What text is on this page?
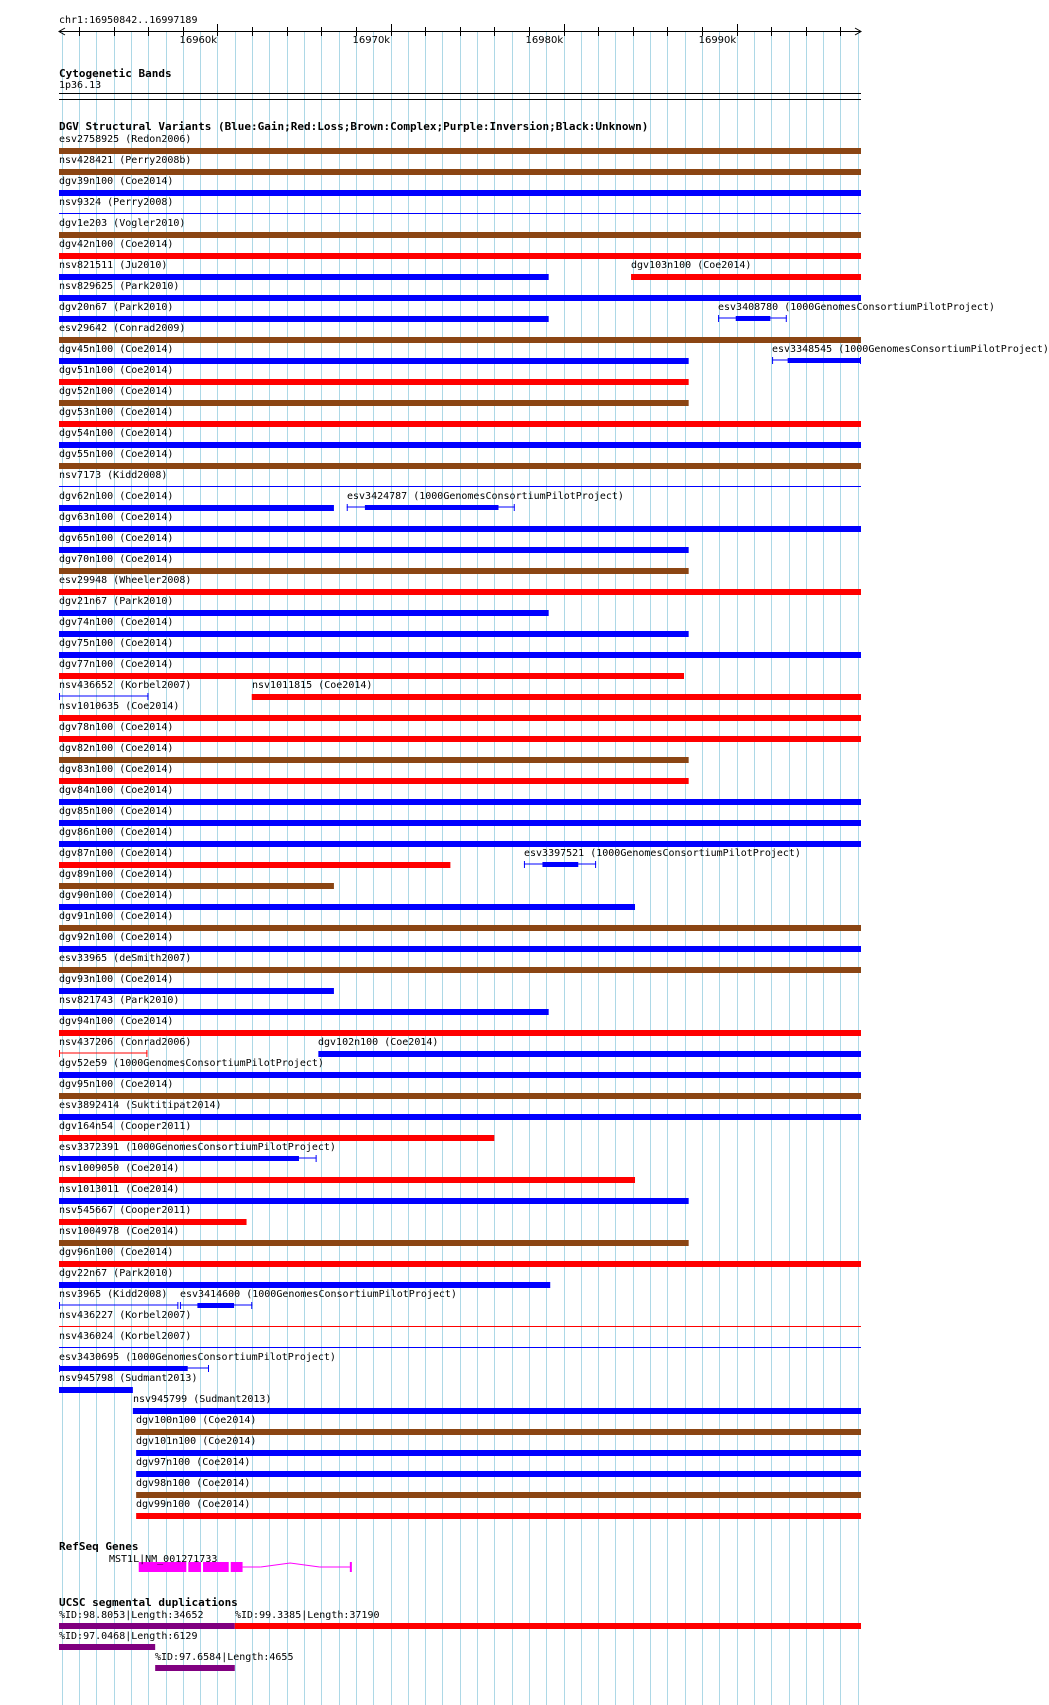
chr1:16950842..16997189
Cytogenetic Bands
1p36.13
DGV Structural Variants (Blue:Gain;Red:Loss;Brown:Complex;Purple:Inversion;Black:Unknown)
RefSeq Genes
MST1L|NM_001271733
UCSC segmental duplications
esv2758925 (Redon2006)
nsv428421 (Perry2008b)
dgv39n100 (Coe2014)
nsv9324 (Perry2008)
dgv1e203 (Vogler2010)
dgv42n100 (Coe2014)
nsv821511 (Ju2010)	dgv103n100 (Coe2014)
nsv829625 (Park2010)
dgv20n67 (Park2010)	esv3408780 (1000GenomesConsortiumPilotProject)
esv29642 (Conrad2009)
dgv45n100 (Coe2014)	esv3348545 (1000GenomesConsortiumPilotProject)
dgv51n100 (Coe2014)
dgv52n100 (Coe2014)
dgv53n100 (Coe2014)
dgv54n100 (Coe2014)
dgv55n100 (Coe2014)
nsv7173 (Kidd2008)
dgv62n100 (Coe2014)	esv3424787 (1000GenomesConsortiumPilotProject)
dgv63n100 (Coe2014)
dgv65n100 (Coe2014)
dgv70n100 (Coe2014)
esv29948 (Wheeler2008)
dgv21n67 (Park2010)
dgv74n100 (Coe2014)
dgv75n100 (Coe2014)
dgv77n100 (Coe2014)
nsv436652 (Korbel2007)	nsv1011815 (Coe2014)
nsv1010635 (Coe2014)
dgv78n100 (Coe2014)
dgv82n100 (Coe2014)
dgv83n100 (Coe2014)
dgv84n100 (Coe2014)
dgv85n100 (Coe2014)
dgv86n100 (Coe2014)
dgv87n100 (Coe2014)	esv3397521 (1000GenomesConsortiumPilotProject)
dgv89n100 (Coe2014)
dgv90n100 (Coe2014)
dgv91n100 (Coe2014)
dgv92n100 (Coe2014)
esv33965 (deSmith2007)
dgv93n100 (Coe2014)
nsv821743 (Park2010)
dgv94n100 (Coe2014)
nsv437206 (Conrad2006)	dgv102n100 (Coe2014)
dgv52e59 (1000GenomesConsortiumPilotProject)
dgv95n100 (Coe2014)
esv3892414 (Suktitipat2014)
dgv164n54 (Cooper2011)
esv3372391 (1000GenomesConsortiumPilotProject)
nsv1009050 (Coe2014)
nsv1013011 (Coe2014)
nsv545667 (Cooper2011)
nsv1004978 (Coe2014)
dgv96n100 (Coe2014)
dgv22n67 (Park2010)
nsv3965 (Kidd2008) esv3414600 (1000GenomesConsortiumPilotProject)
nsv436227 (Korbel2007)
nsv436024 (Korbel2007)
esv3430695 (1000GenomesConsortiumPilotProject)
nsv945798 (Sudmant2013)
nsv945799 (Sudmant2013)
dgv100n100 (Coe2014)
dgv101n100 (Coe2014)
dgv97n100 (Coe2014)
dgv98n100 (Coe2014)
dgv99n100 (Coe2014)
%ID:98.8053|Length:34652	%ID:99.3385|Length:37190
%ID:97.0468|Length:6129
%ID:97.6584|Length:4655
16960k	16970k	16980k	16990k
